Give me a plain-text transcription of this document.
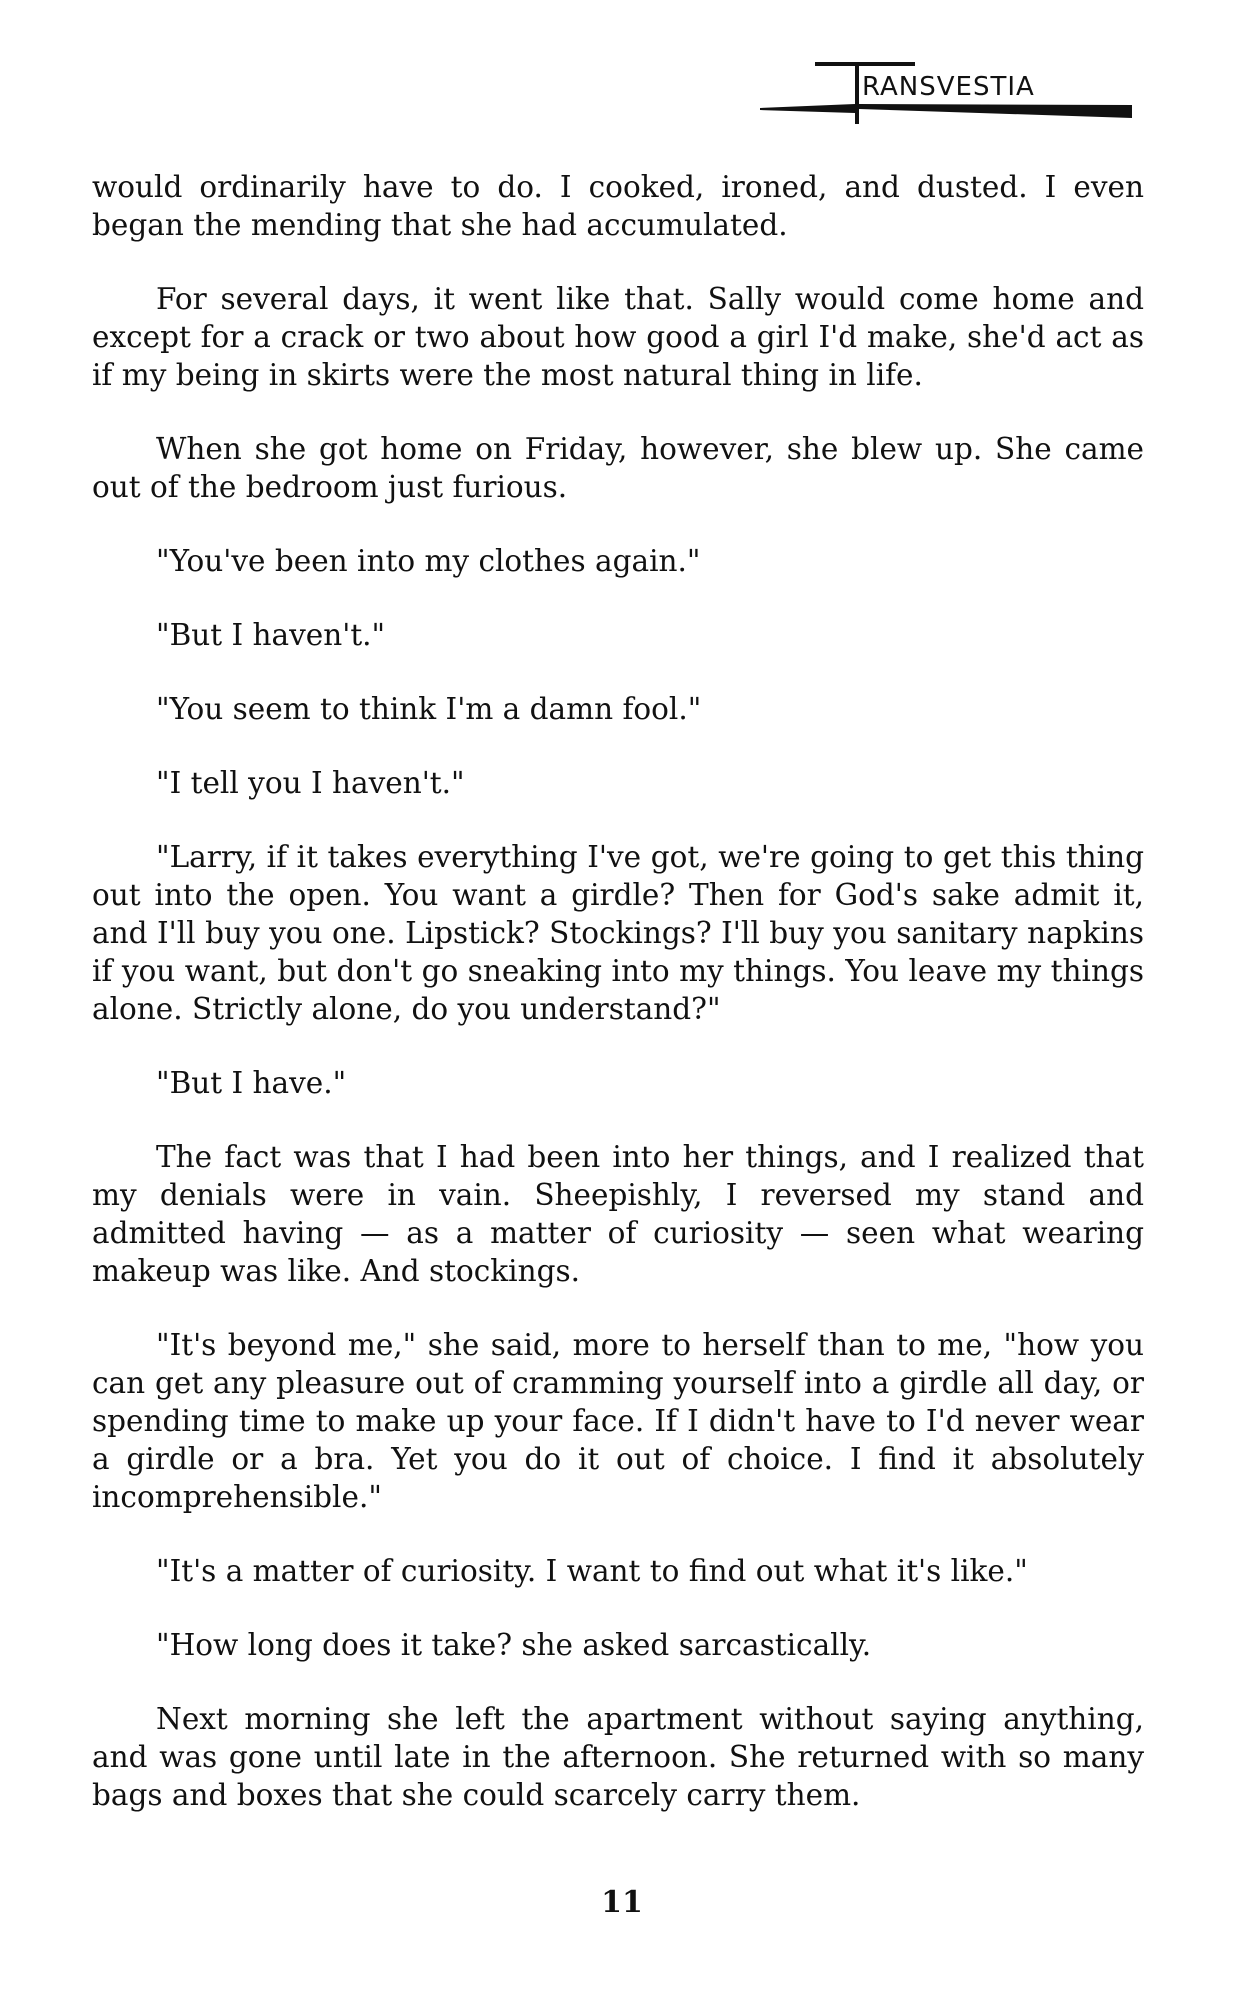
RANSVESTIA

would ordinarily have to do. I cooked, ironed, and dusted. I even began the mending that she had accumulated.

For several days, it went like that. Sally would come home and except for a crack or two about how good a girl I'd make, she'd act as if my being in skirts were the most natural thing in life.

When she got home on Friday, however, she blew up. She came out of the bedroom just furious.

"You've been into my clothes again."

"But I haven't."

"You seem to think I'm a damn fool."

"I tell you I haven't."

"Larry, if it takes everything I've got, we're going to get this thing out into the open. You want a girdle? Then for God's sake admit it, and I'll buy you one. Lipstick? Stockings? I'll buy you sanitary napkins if you want, but don't go sneaking into my things. You leave my things alone. Strictly alone, do you understand?"

"But I have."

The fact was that I had been into her things, and I realized that my denials were in vain. Sheepishly, I reversed my stand and admitted having — as a matter of curiosity — seen what wearing makeup was like. And stockings.

"It's beyond me," she said, more to herself than to me, "how you can get any pleasure out of cramming yourself into a girdle all day, or spending time to make up your face. If I didn't have to I'd never wear a girdle or a bra. Yet you do it out of choice. I find it absolutely incomprehensible."

"It's a matter of curiosity. I want to find out what it's like."

"How long does it take? she asked sarcastically.

Next morning she left the apartment without saying anything, and was gone until late in the afternoon. She returned with so many bags and boxes that she could scarcely carry them.

11
